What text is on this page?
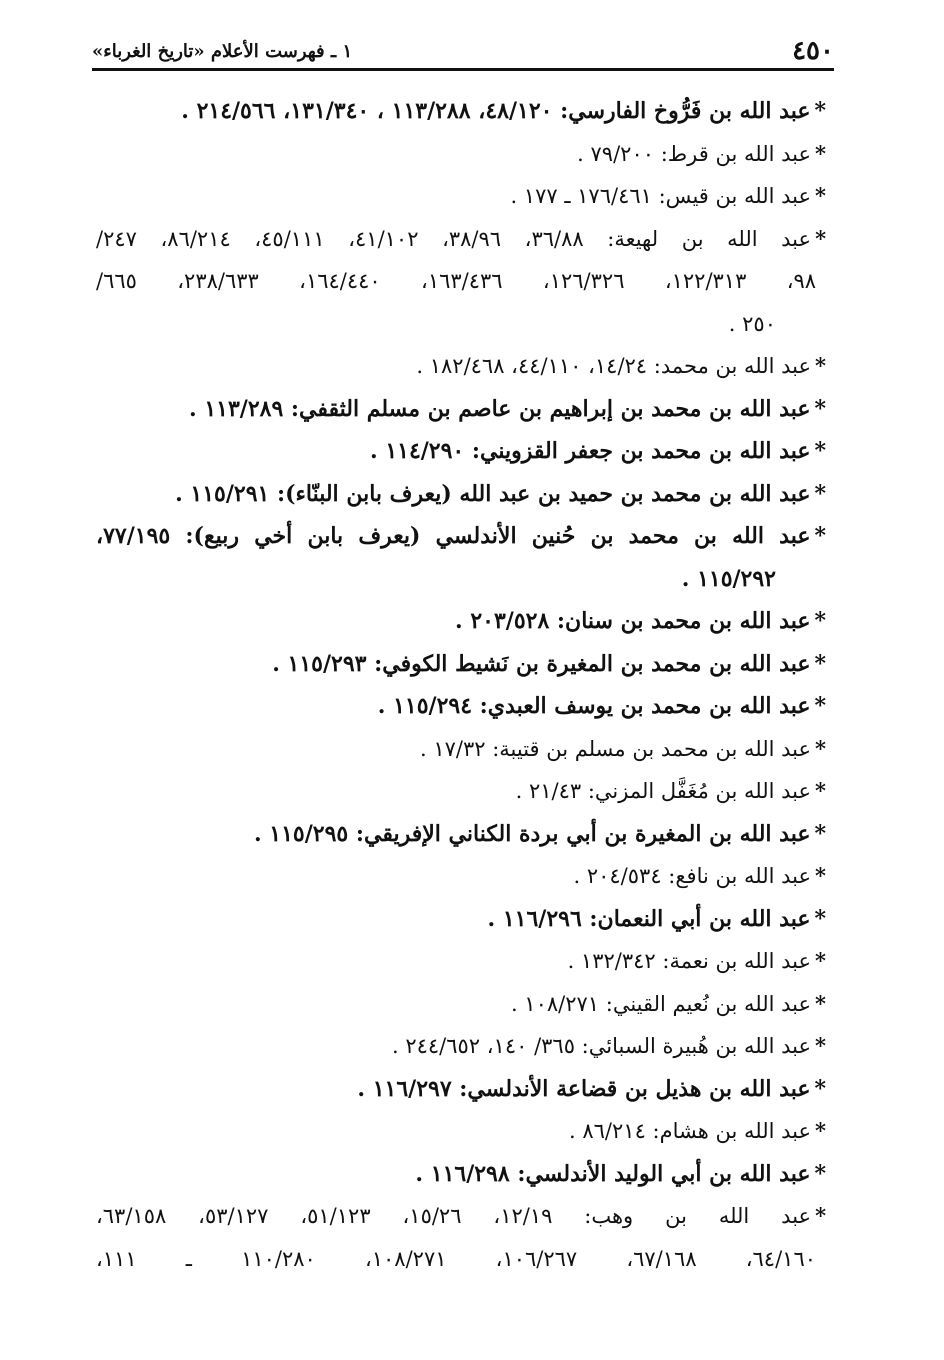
٤٥٠
١ ـ فهرست الأعلام «تاريخ الغرباء»
*عبد الله بن فَرُّوخ الفارسي: ٤٨/١٢٠، ١١٣/٢٨٨ ، ١٣١/٣٤٠، ٢١٤/٥٦٦ .
*عبد الله بن قرط: ٧٩/٢٠٠ .
*عبد الله بن قيس: ١٧٦/٤٦١ ـ ١٧٧ .
*عبد الله بن لهيعة: ٣٦/٨٨، ٣٨/٩٦، ٤١/١٠٢، ٤٥/١١١، ٨٦/٢١٤، ٢٤٧/
٩٨، ١٢٢/٣١٣، ١٢٦/٣٢٦، ١٦٣/٤٣٦، ١٦٤/٤٤٠، ٢٣٨/٦٣٣، ٦٦٥/
٢٥٠ .
*عبد الله بن محمد: ١٤/٢٤، ٤٤/١١٠، ١٨٢/٤٦٨ .
*عبد الله بن محمد بن إبراهيم بن عاصم بن مسلم الثقفي: ١١٣/٢٨٩ .
*عبد الله بن محمد بن جعفر القزويني: ١١٤/٢٩٠ .
*عبد الله بن محمد بن حميد بن عبد الله (يعرف بابن البنّاء): ١١٥/٢٩١ .
*عبد الله بن محمد بن حُنين الأندلسي (يعرف بابن أخي ربيع): ٧٧/١٩٥،
١١٥/٢٩٢ .
*عبد الله بن محمد بن سنان: ٢٠٣/٥٢٨ .
*عبد الله بن محمد بن المغيرة بن نَشيط الكوفي: ١١٥/٢٩٣ .
*عبد الله بن محمد بن يوسف العبدي: ١١٥/٢٩٤ .
*عبد الله بن محمد بن مسلم بن قتيبة: ١٧/٣٢ .
*عبد الله بن مُغَفَّل المزني: ٢١/٤٣ .
*عبد الله بن المغيرة بن أبي بردة الكناني الإفريقي: ١١٥/٢٩٥ .
*عبد الله بن نافع: ٢٠٤/٥٣٤ .
*عبد الله بن أبي النعمان: ١١٦/٢٩٦ .
*عبد الله بن نعمة: ١٣٢/٣٤٢ .
*عبد الله بن نُعيم القيني: ١٠٨/٢٧١ .
*عبد الله بن هُبيرة السبائي: ٣٦٥/ ١٤٠، ٢٤٤/٦٥٢ .
*عبد الله بن هذيل بن قضاعة الأندلسي: ١١٦/٢٩٧ .
*عبد الله بن هشام: ٨٦/٢١٤ .
*عبد الله بن أبي الوليد الأندلسي: ١١٦/٢٩٨ .
*عبد الله بن وهب: ١٢/١٩، ١٥/٢٦، ٥١/١٢٣، ٥٣/١٢٧، ٦٣/١٥٨،
٦٤/١٦٠، ٦٧/١٦٨، ١٠٦/٢٦٧، ١٠٨/٢٧١، ١١٠/٢٨٠ ـ ١١١،
